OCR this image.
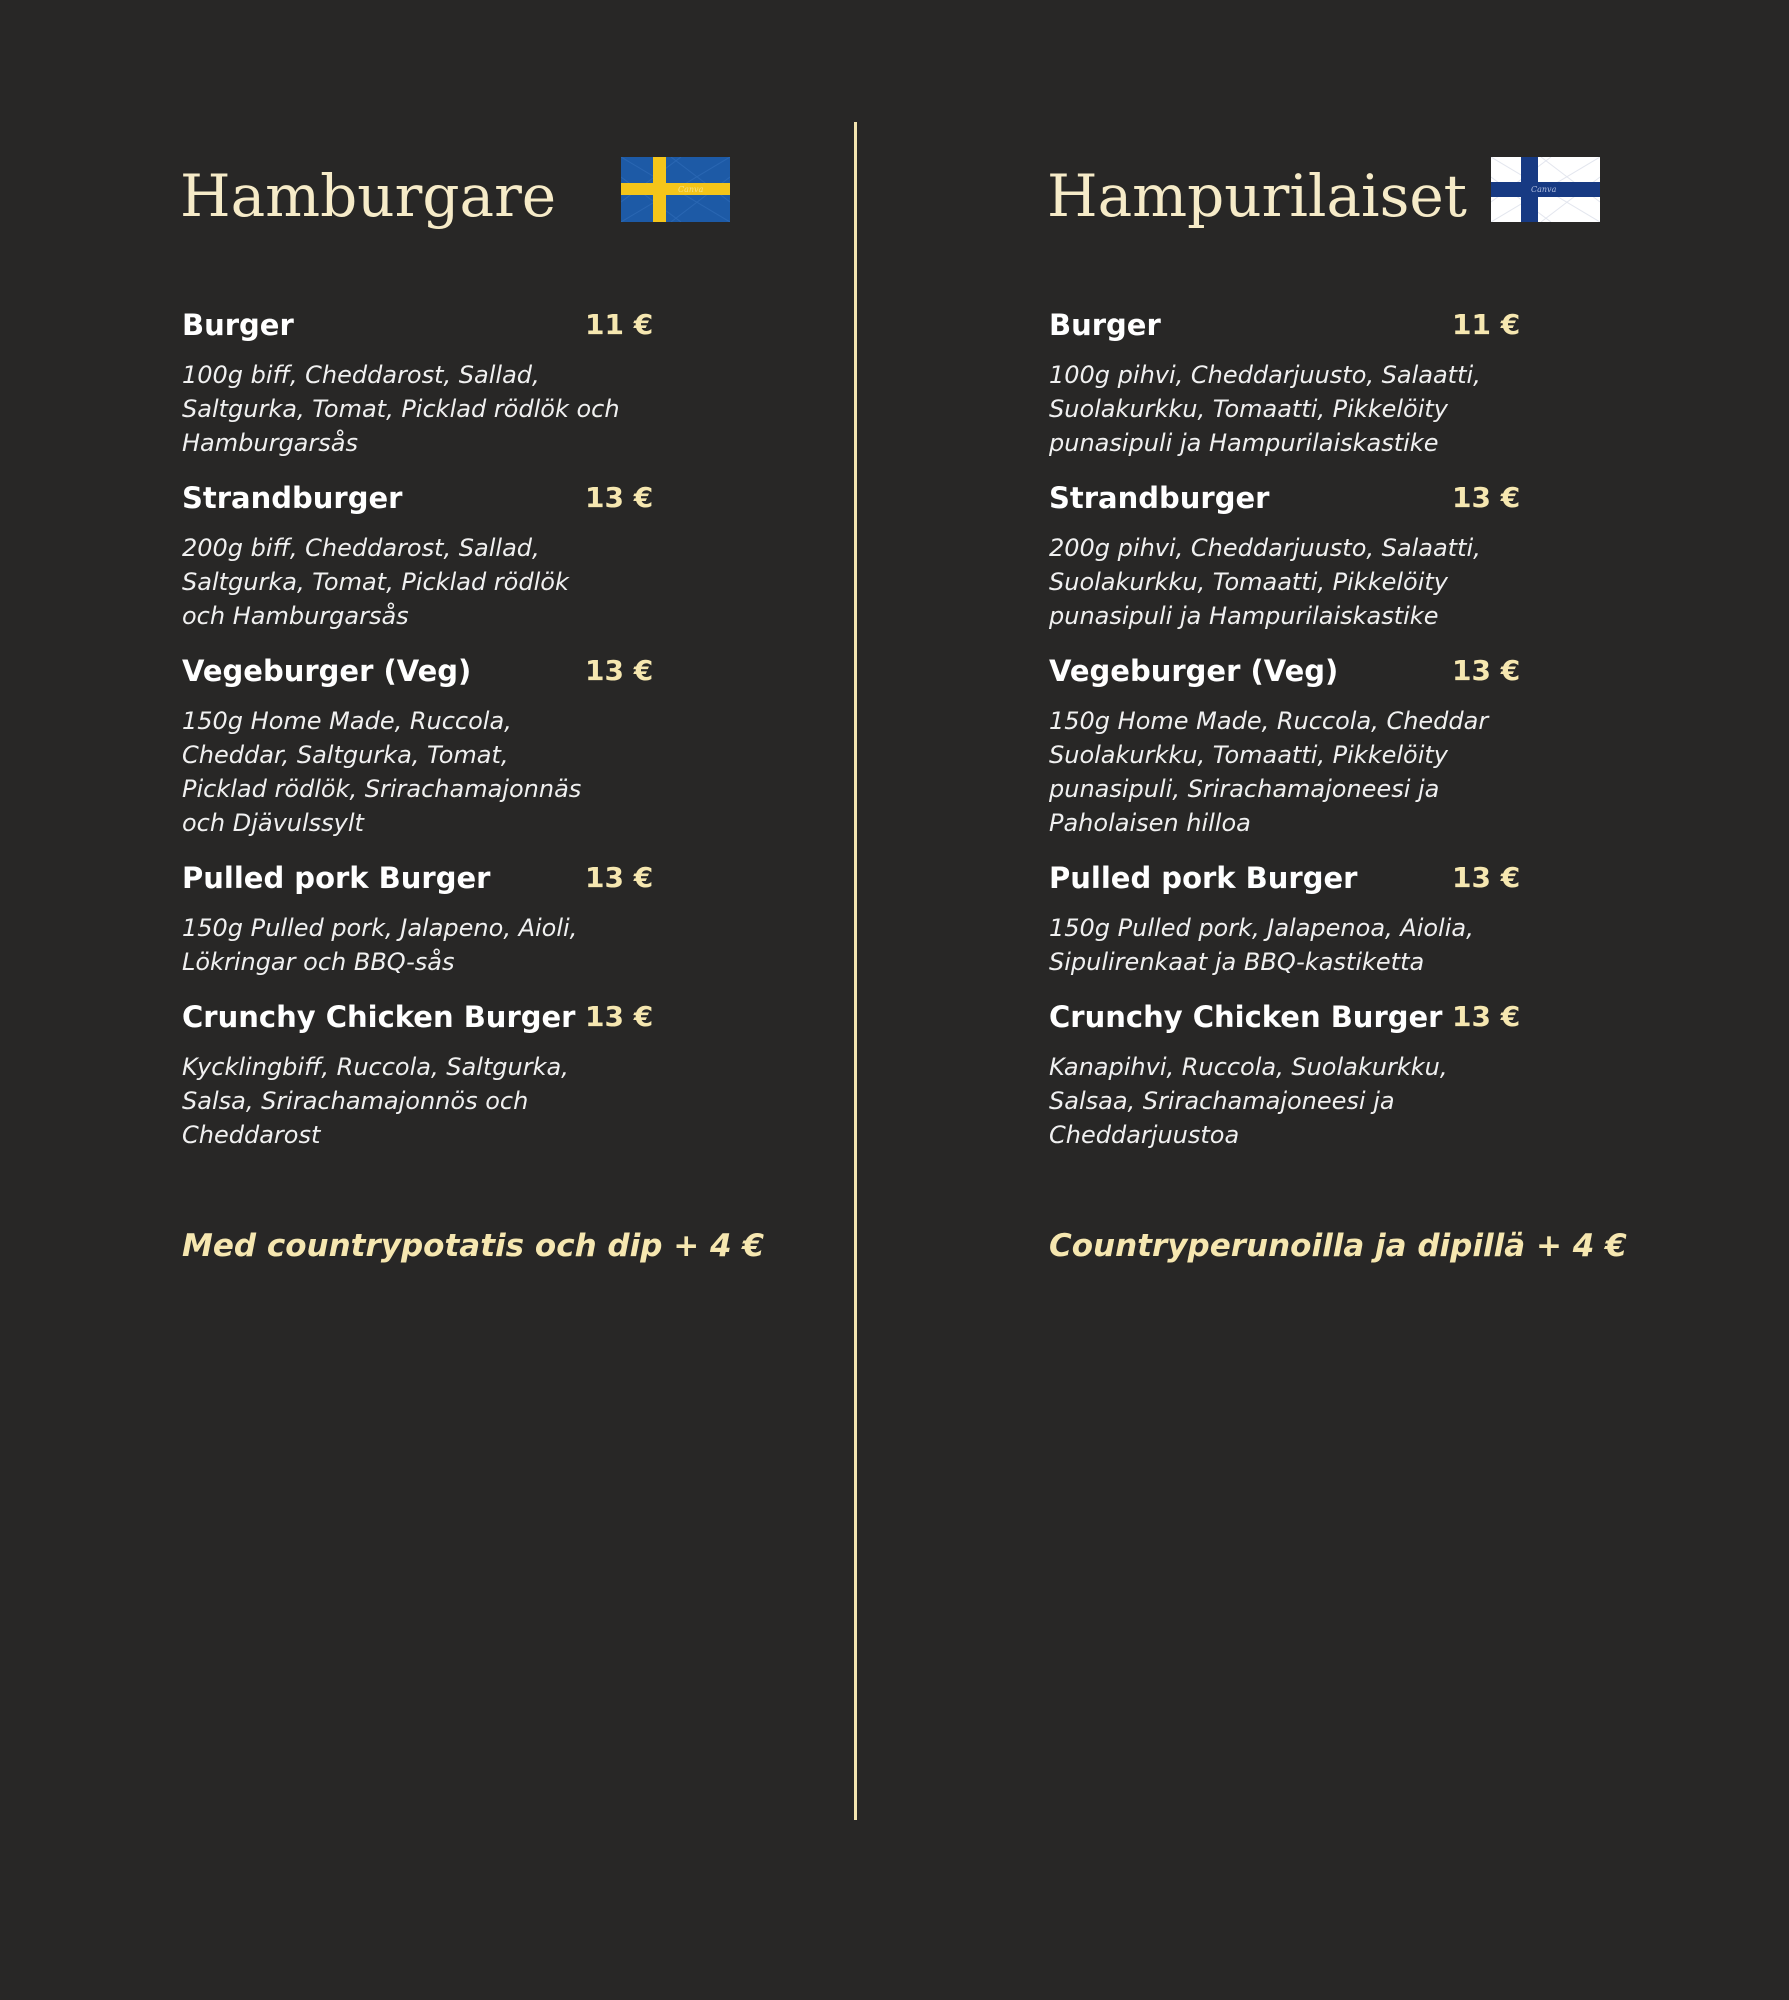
Hamburgare	Canva
Burger	11 €

100g biff, Cheddarost, Sallad,
Saltgurka, Tomat, Picklad rödlök och
Hamburgarsås

Strandburger	13 €

200g biff, Cheddarost, Sallad,
Saltgurka, Tomat, Picklad rödlök
och Hamburgarsås

Vegeburger (Veg)	13 €

150g Home Made, Ruccola,
Cheddar, Saltgurka, Tomat,
Picklad rödlök, Srirachamajonnäs
och Djävulssylt

Pulled pork Burger	13 €

150g Pulled pork, Jalapeno, Aioli,
Lökringar och BBQ-sås

Crunchy Chicken Burger 13 €

Kycklingbiff, Ruccola, Saltgurka,
Salsa, Srirachamajonnös och
Cheddarost

Med countrypotatis och dip + 4 €

Hampurilaiset	Canva
Burger	11 €

100g pihvi, Cheddarjuusto, Salaatti,
Suolakurkku, Tomaatti, Pikkelöity
punasipuli ja Hampurilaiskastike

Strandburger	13 €

200g pihvi, Cheddarjuusto, Salaatti,
Suolakurkku, Tomaatti, Pikkelöity
punasipuli ja Hampurilaiskastike

Vegeburger (Veg)	13 €

150g Home Made, Ruccola, Cheddar
Suolakurkku, Tomaatti, Pikkelöity
punasipuli, Srirachamajoneesi ja
Paholaisen hilloa

Pulled pork Burger	13 €

150g Pulled pork, Jalapenoa, Aiolia,
Sipulirenkaat ja BBQ-kastiketta

Crunchy Chicken Burger 13 €

Kanapihvi, Ruccola, Suolakurkku,
Salsaa, Srirachamajoneesi ja
Cheddarjuustoa

Countryperunoilla ja dipillä + 4 €
